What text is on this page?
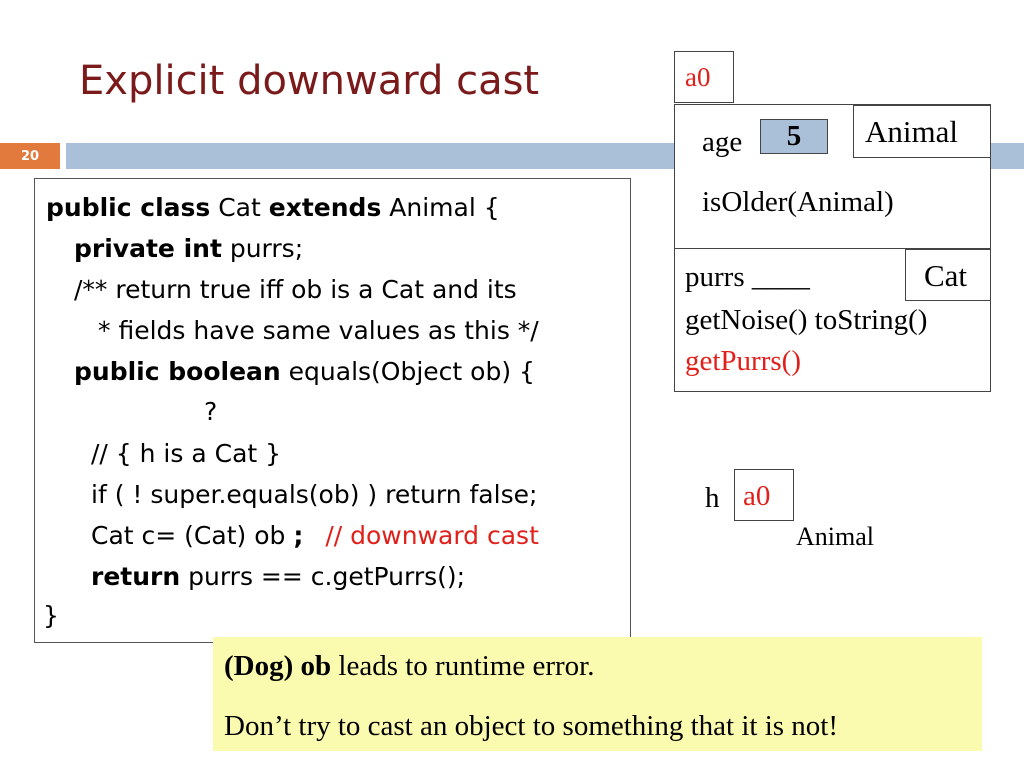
Explicit downward cast
20
public class Cat extends Animal {
private int purrs;
/** return true iff ob is a Cat and its
* fields have same values as this */
public boolean equals(Object ob) {
?
// { h is a Cat }
if ( ! super.equals(ob) ) return false;
Cat c= (Cat) ob ; // downward cast
return purrs == c.getPurrs();
}
a0
age 5 Animal
isOlder(Animal)
purrs ____	Cat
getNoise() toString()
getPurrs()
h a0
Animal
(Dog) ob leads to runtime error.
Don’t try to cast an object to something that it is not!
